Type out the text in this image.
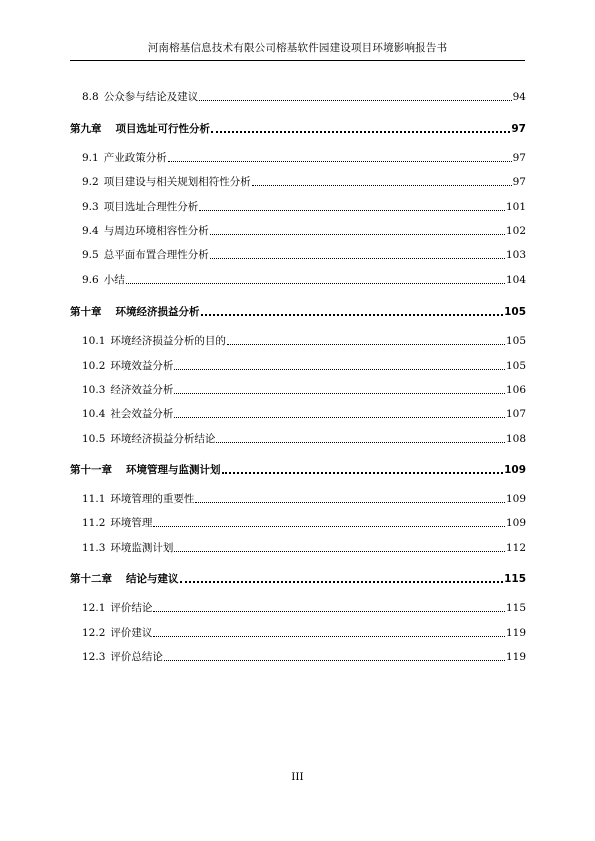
河南榕基信息技术有限公司榕基软件园建设项目环境影响报告书
8.8 公众参与结论及建议	94
第九章 项目选址可行性分析	97
9.1 产业政策分析	97
9.2 项目建设与相关规划相符性分析	97
9.3 项目选址合理性分析	101
9.4 与周边环境相容性分析	102
9.5 总平面布置合理性分析	103
9.6 小结	104
第十章 环境经济损益分析	105
10.1 环境经济损益分析的目的	105
10.2 环境效益分析	105
10.3 经济效益分析	106
10.4 社会效益分析	107
10.5 环境经济损益分析结论	108
第十一章 环境管理与监测计划	109
11.1 环境管理的重要性	109
11.2 环境管理	109
11.3 环境监测计划	112
第十二章 结论与建议	115
12.1 评价结论	115
12.2 评价建议	119
12.3 评价总结论	119
III
